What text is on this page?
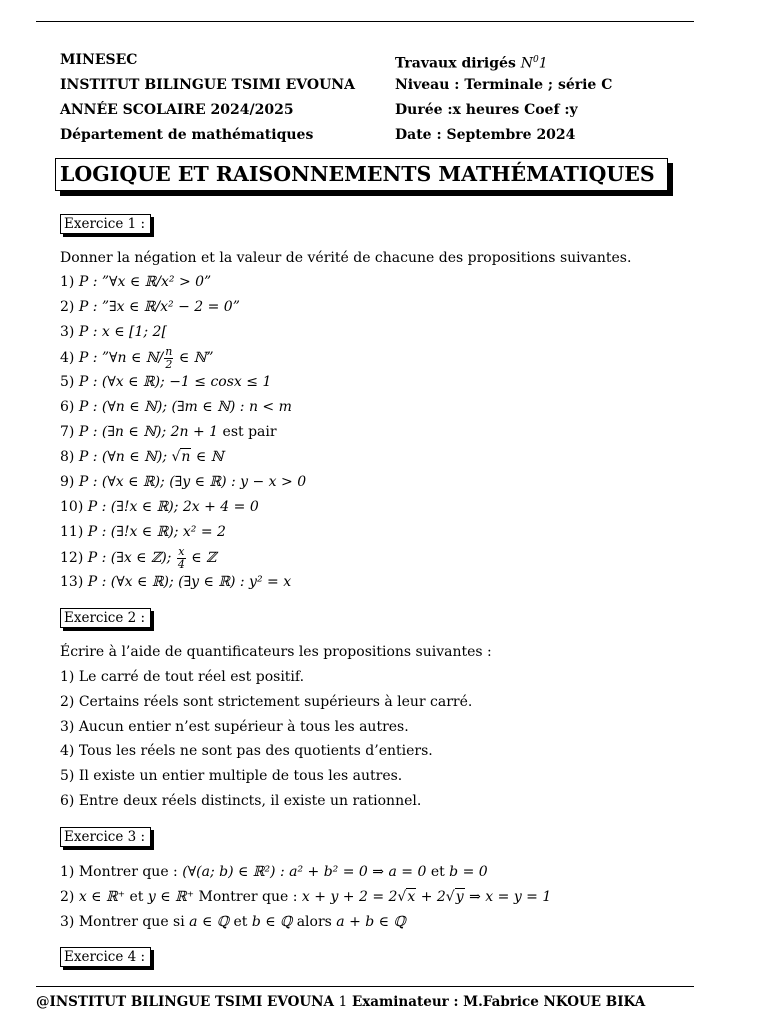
MINESEC
INSTITUT BILINGUE TSIMI EVOUNA
ANNÉE SCOLAIRE 2024/2025
Département de mathématiques
Travaux dirigés $N^01$
Niveau : Terminale ; série C
Durée :x heures Coef :y
Date : Septembre 2024
LOGIQUE ET RAISONNEMENTS MATHÉMATIQUES
Exercice 1 :
Donner la négation et la valeur de vérité de chacune des propositions suivantes.
1) P : ”∀x ∈ ℝ/x² > 0”
2) P : ”∃x ∈ ℝ/x² − 2 = 0”
3) P : x ∈ [1; 2[
4) P : ”∀n ∈ ℕ/ $\frac{n}{2}$ ∈ ℕ”
5) P : (∀x ∈ ℝ); −1 ≤ cosx ≤ 1
6) P : (∀n ∈ ℕ); (∃m ∈ ℕ) : n < m
7) P : (∃n ∈ ℕ); 2n + 1 est pair
8) P : (∀n ∈ ℕ); √n ∈ ℕ
9) P : (∀x ∈ ℝ); (∃y ∈ ℝ) : y − x > 0
10) P : (∃!x ∈ ℝ); 2x + 4 = 0
11) P : (∃!x ∈ ℝ); x² = 2
12) P : (∃x ∈ ℤ); $\frac{x}{4}$ ∈ ℤ
13) P : (∀x ∈ ℝ); (∃y ∈ ℝ) : y² = x
Exercice 2 :
Écrire à l’aide de quantificateurs les propositions suivantes :
1) Le carré de tout réel est positif.
2) Certains réels sont strictement supérieurs à leur carré.
3) Aucun entier n’est supérieur à tous les autres.
4) Tous les réels ne sont pas des quotients d’entiers.
5) Il existe un entier multiple de tous les autres.
6) Entre deux réels distincts, il existe un rationnel.
Exercice 3 :
1) Montrer que : (∀(a; b) ∈ ℝ²) : a² + b² = 0 ⇒ a = 0 et b = 0
2) x ∈ ℝ⁺ et y ∈ ℝ⁺ Montrer que : x + y + 2 = 2√x + 2√y ⇒ x = y = 1
3) Montrer que si a ∈ ℚ et b ∈ ℚ alors a + b ∈ ℚ
Exercice 4 :
@INSTITUT BILINGUE TSIMI EVOUNA 1 Examinateur : M.Fabrice NKOUE BIKA
